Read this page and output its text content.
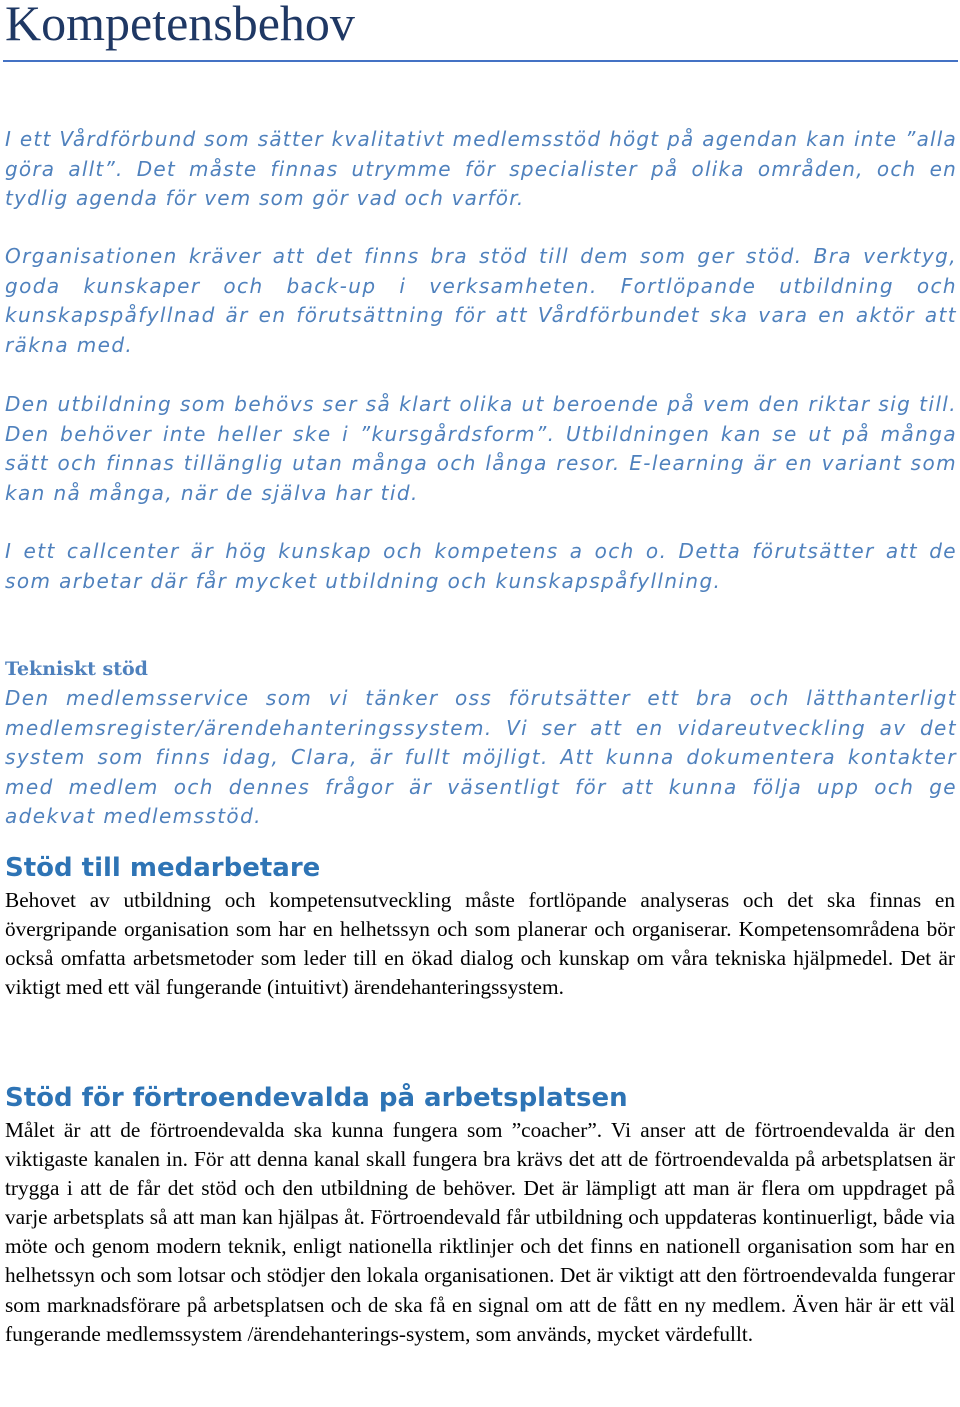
Kompetensbehov

I ett Vårdförbund som sätter kvalitativt medlemsstöd högt på agendan kan inte ”alla göra allt”. Det måste finnas utrymme för specialister på olika områden, och en tydlig agenda för vem som gör vad och varför.

Organisationen kräver att det finns bra stöd till dem som ger stöd. Bra verktyg, goda kunskaper och back-up i verksamheten. Fortlöpande utbildning och kunskapspåfyllnad är en förutsättning för att Vårdförbundet ska vara en aktör att räkna med.

Den utbildning som behövs ser så klart olika ut beroende på vem den riktar sig till. Den behöver inte heller ske i ”kursgårdsform”. Utbildningen kan se ut på många sätt och finnas tillänglig utan många och långa resor. E-learning är en variant som kan nå många, när de själva har tid.

I ett callcenter är hög kunskap och kompetens a och o. Detta förutsätter att de som arbetar där får mycket utbildning och kunskapspåfyllning.

Tekniskt stöd
Den medlemsservice som vi tänker oss förutsätter ett bra och lätthanterligt medlemsregister/ärendehanteringssystem. Vi ser att en vidareutveckling av det system som finns idag, Clara, är fullt möjligt. Att kunna dokumentera kontakter med medlem och dennes frågor är väsentligt för att kunna följa upp och ge adekvat medlemsstöd.
Stöd till medarbetare

Behovet av utbildning och kompetensutveckling måste fortlöpande analyseras och det ska finnas en övergripande organisation som har en helhetssyn och som planerar och organiserar. Kompetensområdena bör också omfatta arbetsmetoder som leder till en ökad dialog och kunskap om våra tekniska hjälpmedel. Det är viktigt med ett väl fungerande (intuitivt) ärendehanteringssystem.

Stöd för förtroendevalda på arbetsplatsen

Målet är att de förtroendevalda ska kunna fungera som ”coacher”. Vi anser att de förtroendevalda är den viktigaste kanalen in. För att denna kanal skall fungera bra krävs det att de förtroendevalda på arbetsplatsen är trygga i att de får det stöd och den utbildning de behöver. Det är lämpligt att man är flera om uppdraget på varje arbetsplats så att man kan hjälpas åt. Förtroendevald får utbildning och uppdateras kontinuerligt, både via möte och genom modern teknik, enligt nationella riktlinjer och det finns en nationell organisation som har en helhetssyn och som lotsar och stödjer den lokala organisationen. Det är viktigt att den förtroendevalda fungerar som marknadsförare på arbetsplatsen och de ska få en signal om att de fått en ny medlem. Även här är ett väl fungerande medlemssystem /ärendehanterings-system, som används, mycket värdefullt.
